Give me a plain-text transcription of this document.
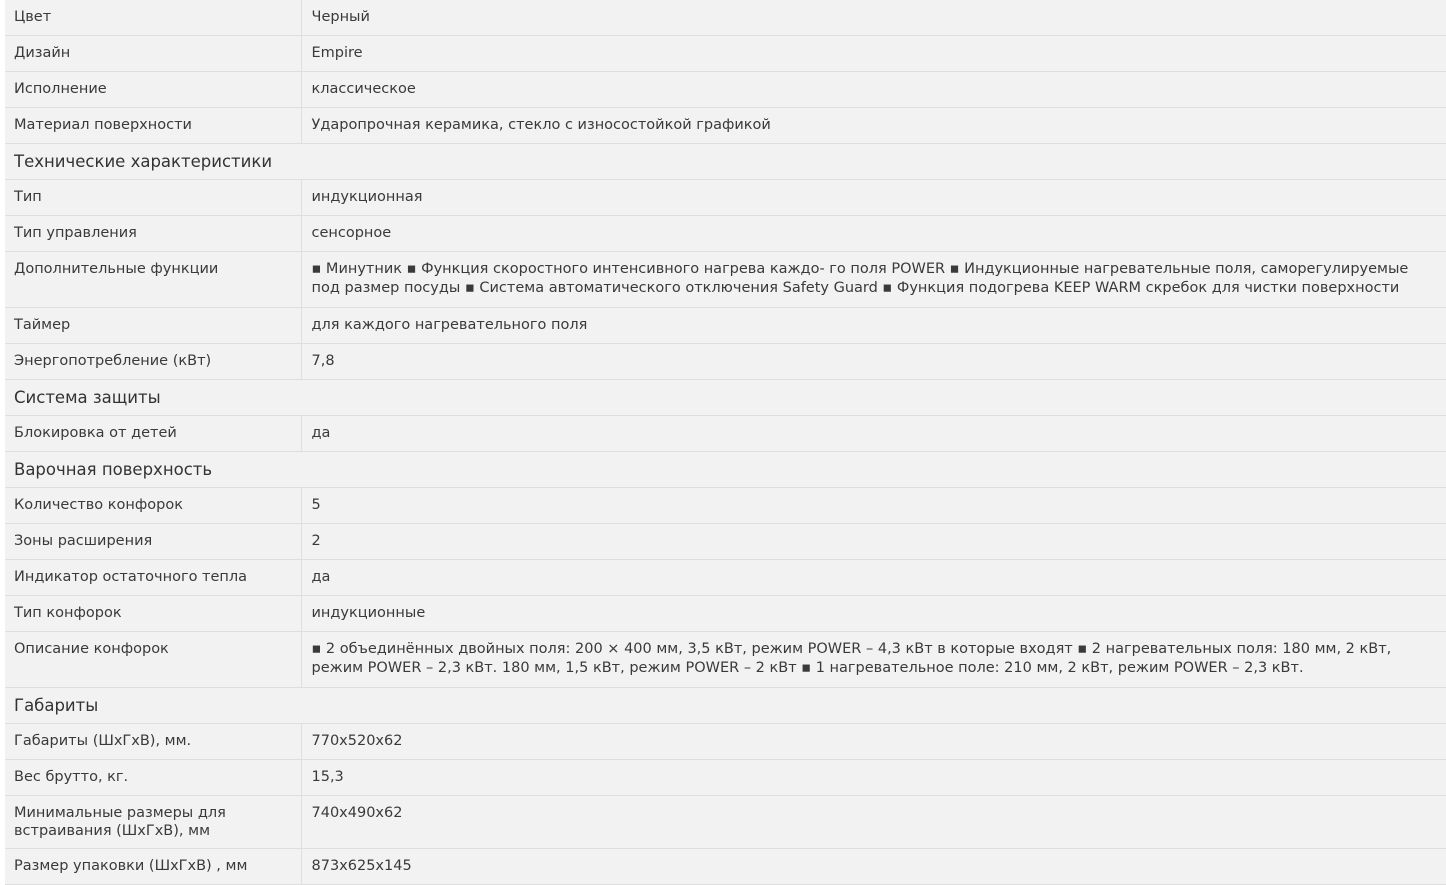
Цвет	Черный
Дизайн	Empire
Исполнение	классическое
Материал поверхности	Ударопрочная керамика, стекло с износостойкой графикой
Технические характеристики	
Тип	индукционная
Тип управления	сенсорное
Дополнительные функции	▪ Минутник ▪ Функция скоростного интенсивного нагрева каждо- го поля POWER ▪ Индукционные нагревательные поля, саморегулируемые под размер посуды ▪ Система автоматического отключения Safety Guard ▪ Функция подогрева KEEP WARM скребок для чистки поверхности
Таймер	для каждого нагревательного поля
Энергопотребление (кВт)	7,8
Система защиты	
Блокировка от детей	да
Варочная поверхность	
Количество конфорок	5
Зоны расширения	2
Индикатор остаточного тепла	да
Тип конфорок	индукционные
Описание конфорок	▪ 2 объединённых двойных поля: 200 × 400 мм, 3,5 кВт, режим POWER – 4,3 кВт в которые входят ▪ 2 нагревательных поля: 180 мм, 2 кВт, режим POWER – 2,3 кВт. 180 мм, 1,5 кВт, режим POWER – 2 кВт ▪ 1 нагревательное поле: 210 мм, 2 кВт, режим POWER – 2,3 кВт.
Габариты	
Габариты (ШхГхВ), мм.	770x520x62
Вес брутто, кг.	15,3
Минимальные размеры для встраивания (ШхГхВ), мм	740x490x62
Размер упаковки (ШхГхВ) , мм	873x625x145
